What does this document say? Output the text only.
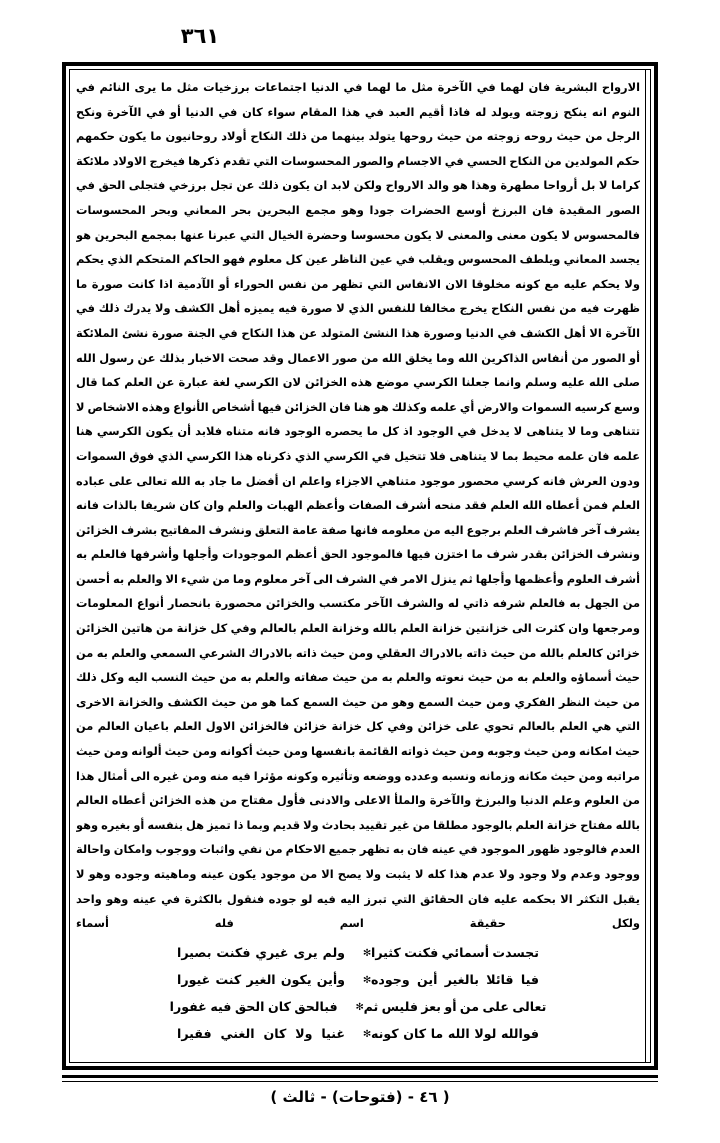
٣٦١

الارواح البشرية فان لهما في الآخرة مثل ما لهما في الدنيا اجتماعات برزخيات مثل ما يرى النائم في النوم انه ينكح زوجته ويولد له فاذا أقيم العبد في هذا المقام سواء كان في الدنيا أو في الآخرة ونكح الرجل من حيث روحه زوجته من حيث روحها يتولد بينهما من ذلك النكاح أولاد روحانيون ما يكون حكمهم حكم المولدين من النكاح الحسي في الاجسام والصور المحسوسات التي تقدم ذكرها فيخرج الاولاد ملائكة كراما لا بل أرواحا مطهرة وهذا هو والد الارواح ولكن لابد ان يكون ذلك عن تجل برزخي فتجلى الحق في الصور المقيدة فان البرزخ أوسع الحضرات جودا وهو مجمع البحرين بحر المعاني وبحر المحسوسات فالمحسوس لا يكون معنى والمعنى لا يكون محسوسا وحضرة الخيال التي عبرنا عنها بمجمع البحرين هو يجسد المعاني ويلطف المحسوس ويقلب في عين الناظر عين كل معلوم فهو الحاكم المتحكم الذي يحكم ولا يحكم عليه مع كونه مخلوقا الان الانفاس التي تظهر من نفس الحوراء أو الآدمية اذا كانت صورة ما ظهرت فيه من نفس النكاح يخرج مخالفا للنفس الذي لا صورة فيه يميزه أهل الكشف ولا يدرك ذلك في الآخرة الا أهل الكشف في الدنيا وصورة هذا النشئ المتولد عن هذا النكاح في الجنة صورة نشئ الملائكة أو الصور من أنفاس الذاكرين الله وما يخلق الله من صور الاعمال وقد صحت الاخبار بذلك عن رسول الله صلى الله عليه وسلم وانما جعلنا الكرسي موضع هذه الخزائن لان الكرسي لغة عبارة عن العلم كما قال وسع كرسيه السموات والارض أي علمه وكذلك هو هنا فان الخزائن فيها أشخاص الأنواع وهذه الاشخاص لا تتناهى وما لا يتناهى لا يدخل في الوجود اذ كل ما يحصره الوجود فانه متناه فلابد أن يكون الكرسي هنا علمه فان علمه محيط بما لا يتناهى فلا تتخيل في الكرسي الذي ذكرناه هذا الكرسي الذي فوق السموات ودون العرش فانه كرسي محصور موجود متناهي الاجزاء واعلم ان أفضل ما جاد به الله تعالى على عباده العلم فمن أعطاه الله العلم فقد منحه أشرف الصفات وأعظم الهبات والعلم وان كان شريفا بالذات فانه يشرف آخر فاشرف العلم برجوع اليه من معلومه فانها صفة عامة التعلق ونشرف المفاتيح بشرف الخزائن ونشرف الخزائن بقدر شرف ما اختزن فيها فالموجود الحق أعظم الموجودات وأجلها وأشرفها فالعلم به أشرف العلوم وأعظمها وأجلها ثم ينزل الامر في الشرف الى آخر معلوم وما من شيء الا والعلم به أحسن من الجهل به فالعلم شرفه ذاتي له والشرف الآخر مكتسب والخزائن محصورة بانحصار أنواع المعلومات ومرجعها وان كثرت الى خزانتين خزانة العلم بالله وخزانة العلم بالعالم وفي كل خزانة من هاتين الخزائن خزائن كالعلم بالله من حيث ذاته بالادراك العقلي ومن حيث ذاته بالادراك الشرعي السمعي والعلم به من حيث أسماؤه والعلم به من حيث نعوته والعلم به من حيث صفاته والعلم به من حيث النسب اليه وكل ذلك من حيث النظر الفكري ومن حيث السمع وهو من حيث السمع كما هو من حيث الكشف والخزانة الاخرى التي هي العلم بالعالم تحوي على خزائن وفي كل خزانة خزائن فالخزائن الاول العلم باعيان العالم من حيث امكانه ومن حيث وجوبه ومن حيث ذواته القائمة بانفسها ومن حيث أكوانه ومن حيث ألوانه ومن حيث مراتبه ومن حيث مكانه وزمانه ونسبه وعدده ووضعه وتأثيره وكونه مؤثرا فيه منه ومن غيره الى أمثال هذا من العلوم وعلم الدنيا والبرزخ والآخرة والملأ الاعلى والادنى فأول مفتاح من هذه الخزائن أعطاه العالم بالله مفتاح خزانة العلم بالوجود مطلقا من غير تقييد بحادث ولا قديم وبما ذا تميز هل بنفسه أو بغيره وهو العدم فالوجود ظهور الموجود في عينه فان به تظهر جميع الاحكام من نفي واثبات ووجوب وامكان واحالة ووجود وعدم ولا وجود ولا عدم هذا كله لا يثبت ولا يصح الا من موجود يكون عينه وماهيته وجوده وهو لا يقبل التكثر الا بحكمه عليه فان الحقائق التي تبرز اليه فيه لو جوده فنقول بالكثرة في عينه وهو واحد ولكل حقيقة اسم فله أسماء

تجسدت أسمائي فكنت كثيرا
✻
ولم يرى غيري فكنت بصيرا
فيا قائلا بالغير أين وجوده
✻
وأين يكون الغير كنت غيورا
تعالى على من أو بعز فليس ثم
✻
فبالحق كان الحق فيه غفورا
فوالله لولا الله ما كان كونه
✻
غنيا ولا كان الغني فقيرا
( ٤٦ - (فتوحات) - ثالث )
